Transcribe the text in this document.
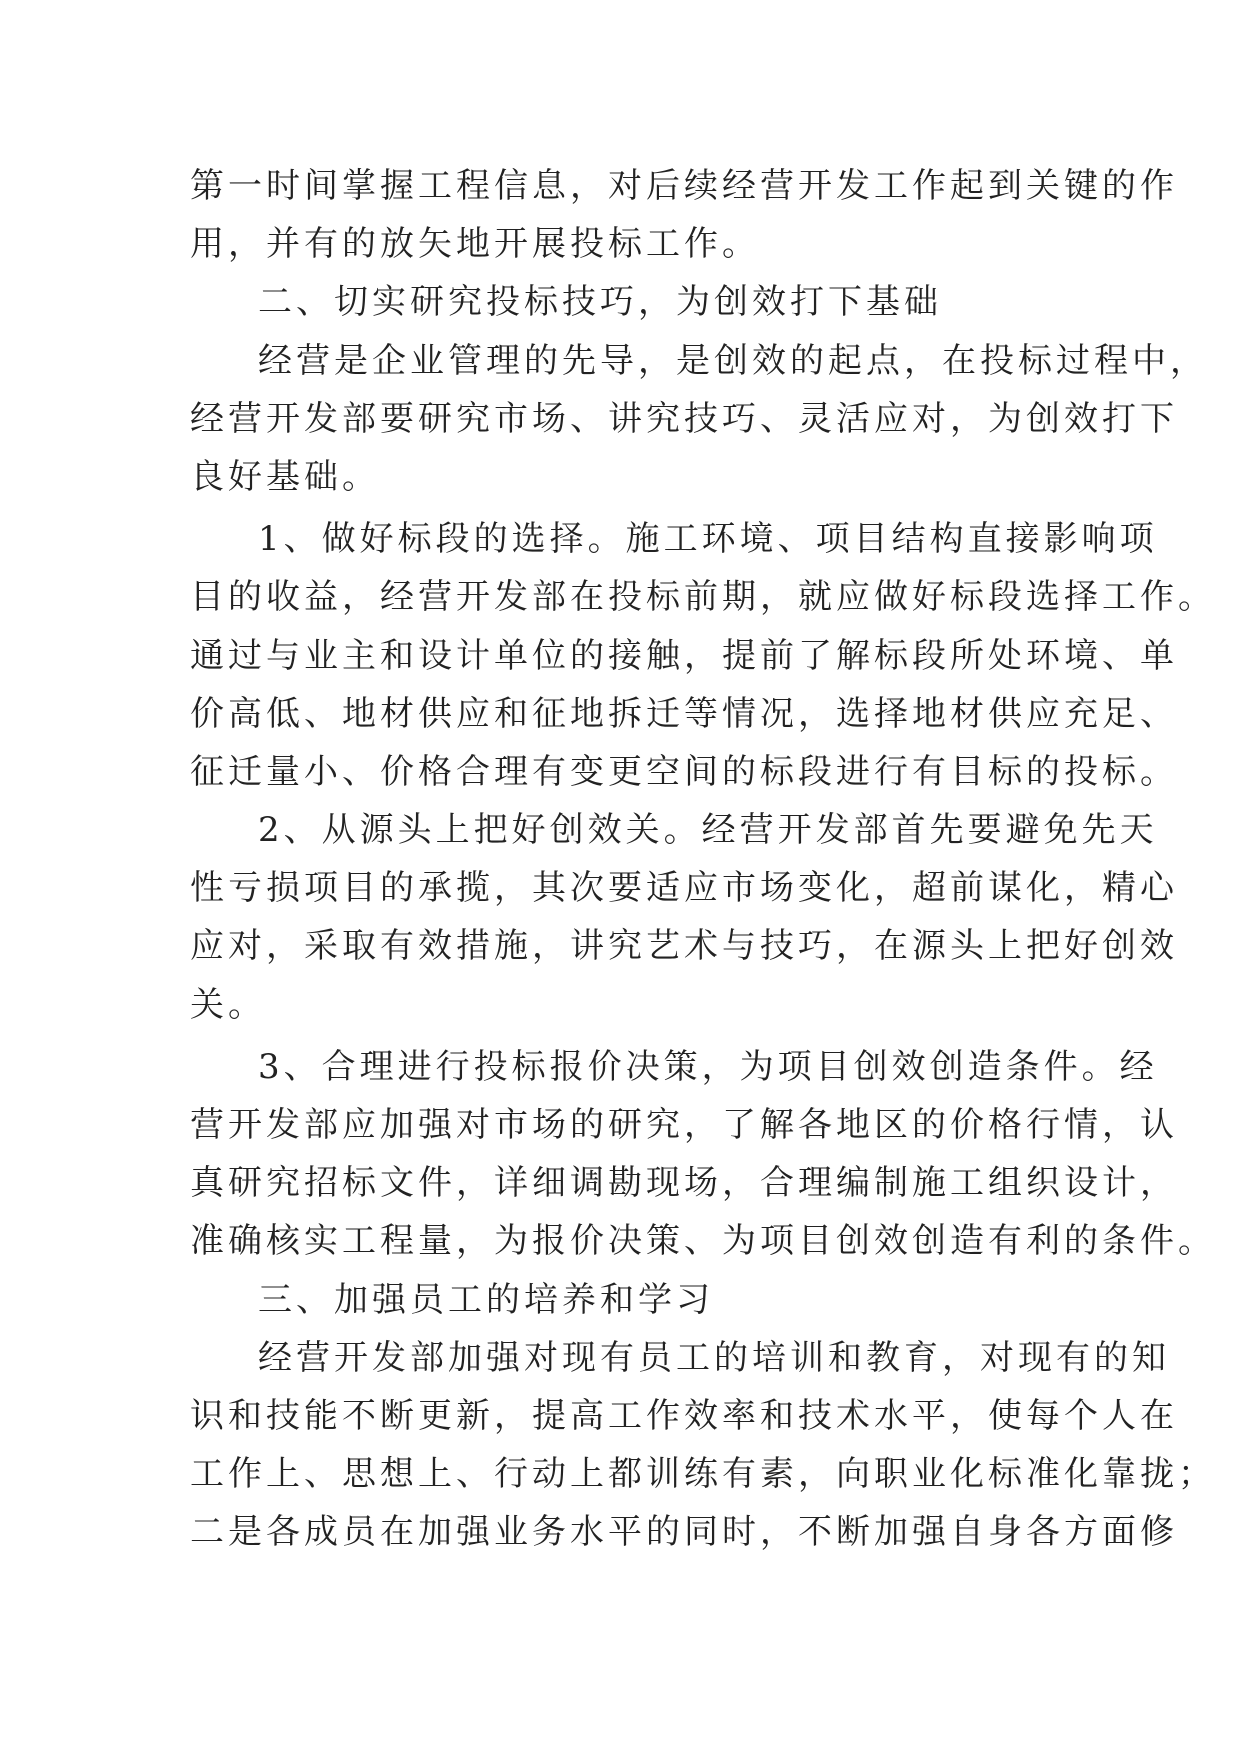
第一时间掌握工程信息，对后续经营开发工作起到关键的作
用，并有的放矢地开展投标工作。
二、切实研究投标技巧，为创效打下基础
经营是企业管理的先导，是创效的起点，在投标过程中，
经营开发部要研究市场、讲究技巧、灵活应对，为创效打下
良好基础。
1、做好标段的选择。施工环境、项目结构直接影响项
目的收益，经营开发部在投标前期，就应做好标段选择工作。
通过与业主和设计单位的接触，提前了解标段所处环境、单
价高低、地材供应和征地拆迁等情况，选择地材供应充足、
征迁量小、价格合理有变更空间的标段进行有目标的投标。
2、从源头上把好创效关。经营开发部首先要避免先天
性亏损项目的承揽，其次要适应市场变化，超前谋化，精心
应对，采取有效措施，讲究艺术与技巧，在源头上把好创效
关。
3、合理进行投标报价决策，为项目创效创造条件。经
营开发部应加强对市场的研究，了解各地区的价格行情，认
真研究招标文件，详细调勘现场，合理编制施工组织设计，
准确核实工程量，为报价决策、为项目创效创造有利的条件。
三、加强员工的培养和学习
经营开发部加强对现有员工的培训和教育，对现有的知
识和技能不断更新，提高工作效率和技术水平，使每个人在
工作上、思想上、行动上都训练有素，向职业化标准化靠拢；
二是各成员在加强业务水平的同时，不断加强自身各方面修
